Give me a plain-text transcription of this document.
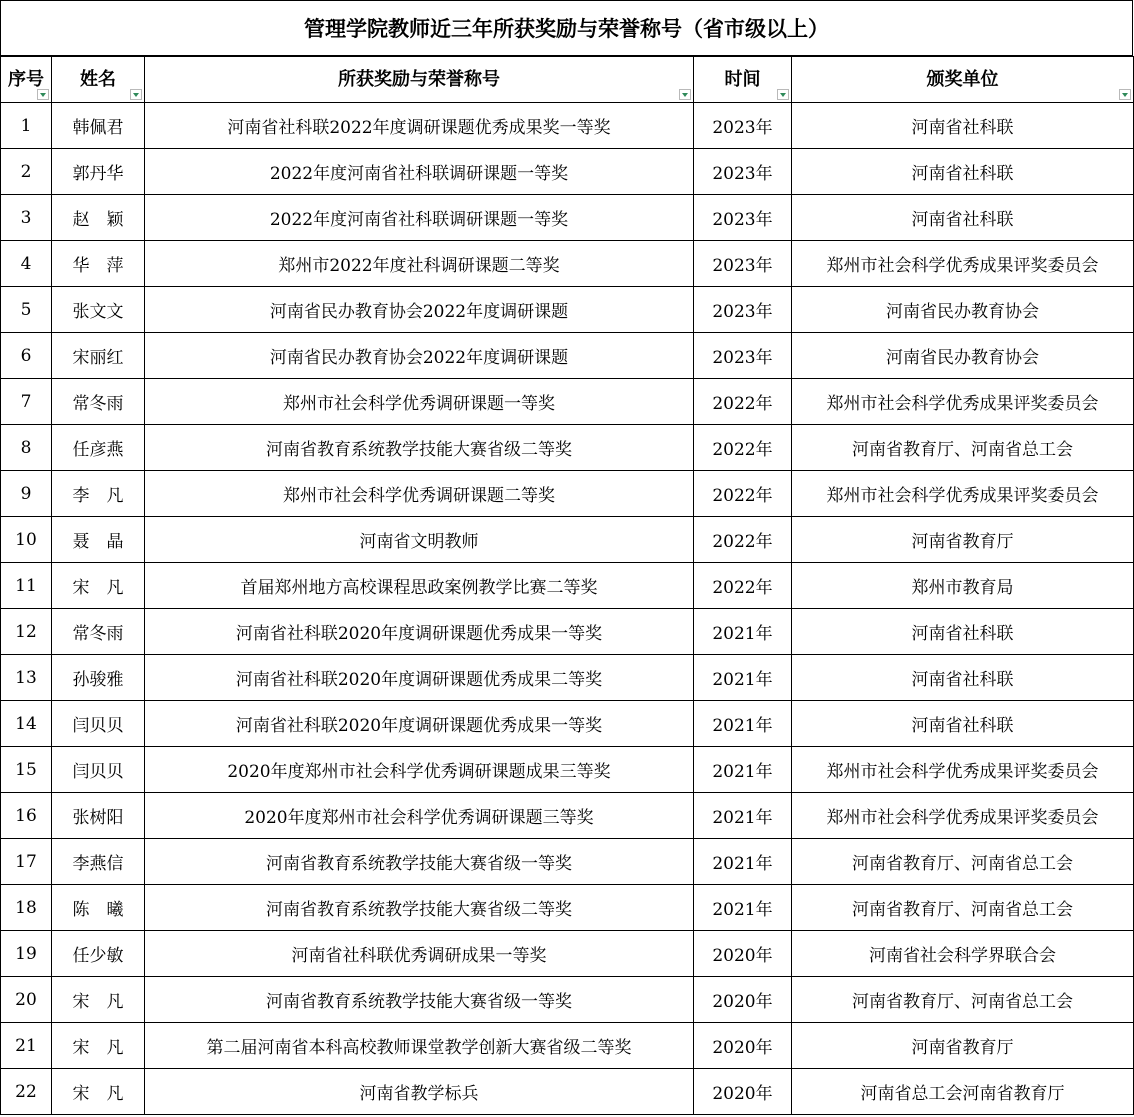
管理学院教师近三年所获奖励与荣誉称号（省市级以上）
序号	姓名	所获奖励与荣誉称号	时间	颁奖单位

1	韩佩君	河南省社科联2022年度调研课题优秀成果奖一等奖	2023年	河南省社科联
2	郭丹华	2022年度河南省社科联调研课题一等奖	2023年	河南省社科联
3	赵　颖	2022年度河南省社科联调研课题一等奖	2023年	河南省社科联
4	华　萍	郑州市2022年度社科调研课题二等奖	2023年	郑州市社会科学优秀成果评奖委员会
5	张文文	河南省民办教育协会2022年度调研课题	2023年	河南省民办教育协会
6	宋丽红	河南省民办教育协会2022年度调研课题	2023年	河南省民办教育协会
7	常冬雨	郑州市社会科学优秀调研课题一等奖	2022年	郑州市社会科学优秀成果评奖委员会
8	任彦燕	河南省教育系统教学技能大赛省级二等奖	2022年	河南省教育厅、河南省总工会
9	李　凡	郑州市社会科学优秀调研课题二等奖	2022年	郑州市社会科学优秀成果评奖委员会
10	聂　晶	河南省文明教师	2022年	河南省教育厅
11	宋　凡	首届郑州地方高校课程思政案例教学比赛二等奖	2022年	郑州市教育局
12	常冬雨	河南省社科联2020年度调研课题优秀成果一等奖	2021年	河南省社科联
13	孙骏雅	河南省社科联2020年度调研课题优秀成果二等奖	2021年	河南省社科联
14	闫贝贝	河南省社科联2020年度调研课题优秀成果一等奖	2021年	河南省社科联
15	闫贝贝	2020年度郑州市社会科学优秀调研课题成果三等奖	2021年	郑州市社会科学优秀成果评奖委员会
16	张树阳	2020年度郑州市社会科学优秀调研课题三等奖	2021年	郑州市社会科学优秀成果评奖委员会
17	李燕信	河南省教育系统教学技能大赛省级一等奖	2021年	河南省教育厅、河南省总工会
18	陈　曦	河南省教育系统教学技能大赛省级二等奖	2021年	河南省教育厅、河南省总工会
19	任少敏	河南省社科联优秀调研成果一等奖	2020年	河南省社会科学界联合会
20	宋　凡	河南省教育系统教学技能大赛省级一等奖	2020年	河南省教育厅、河南省总工会
21	宋　凡	第二届河南省本科高校教师课堂教学创新大赛省级二等奖	2020年	河南省教育厅
22	宋　凡	河南省教学标兵	2020年	河南省总工会河南省教育厅
